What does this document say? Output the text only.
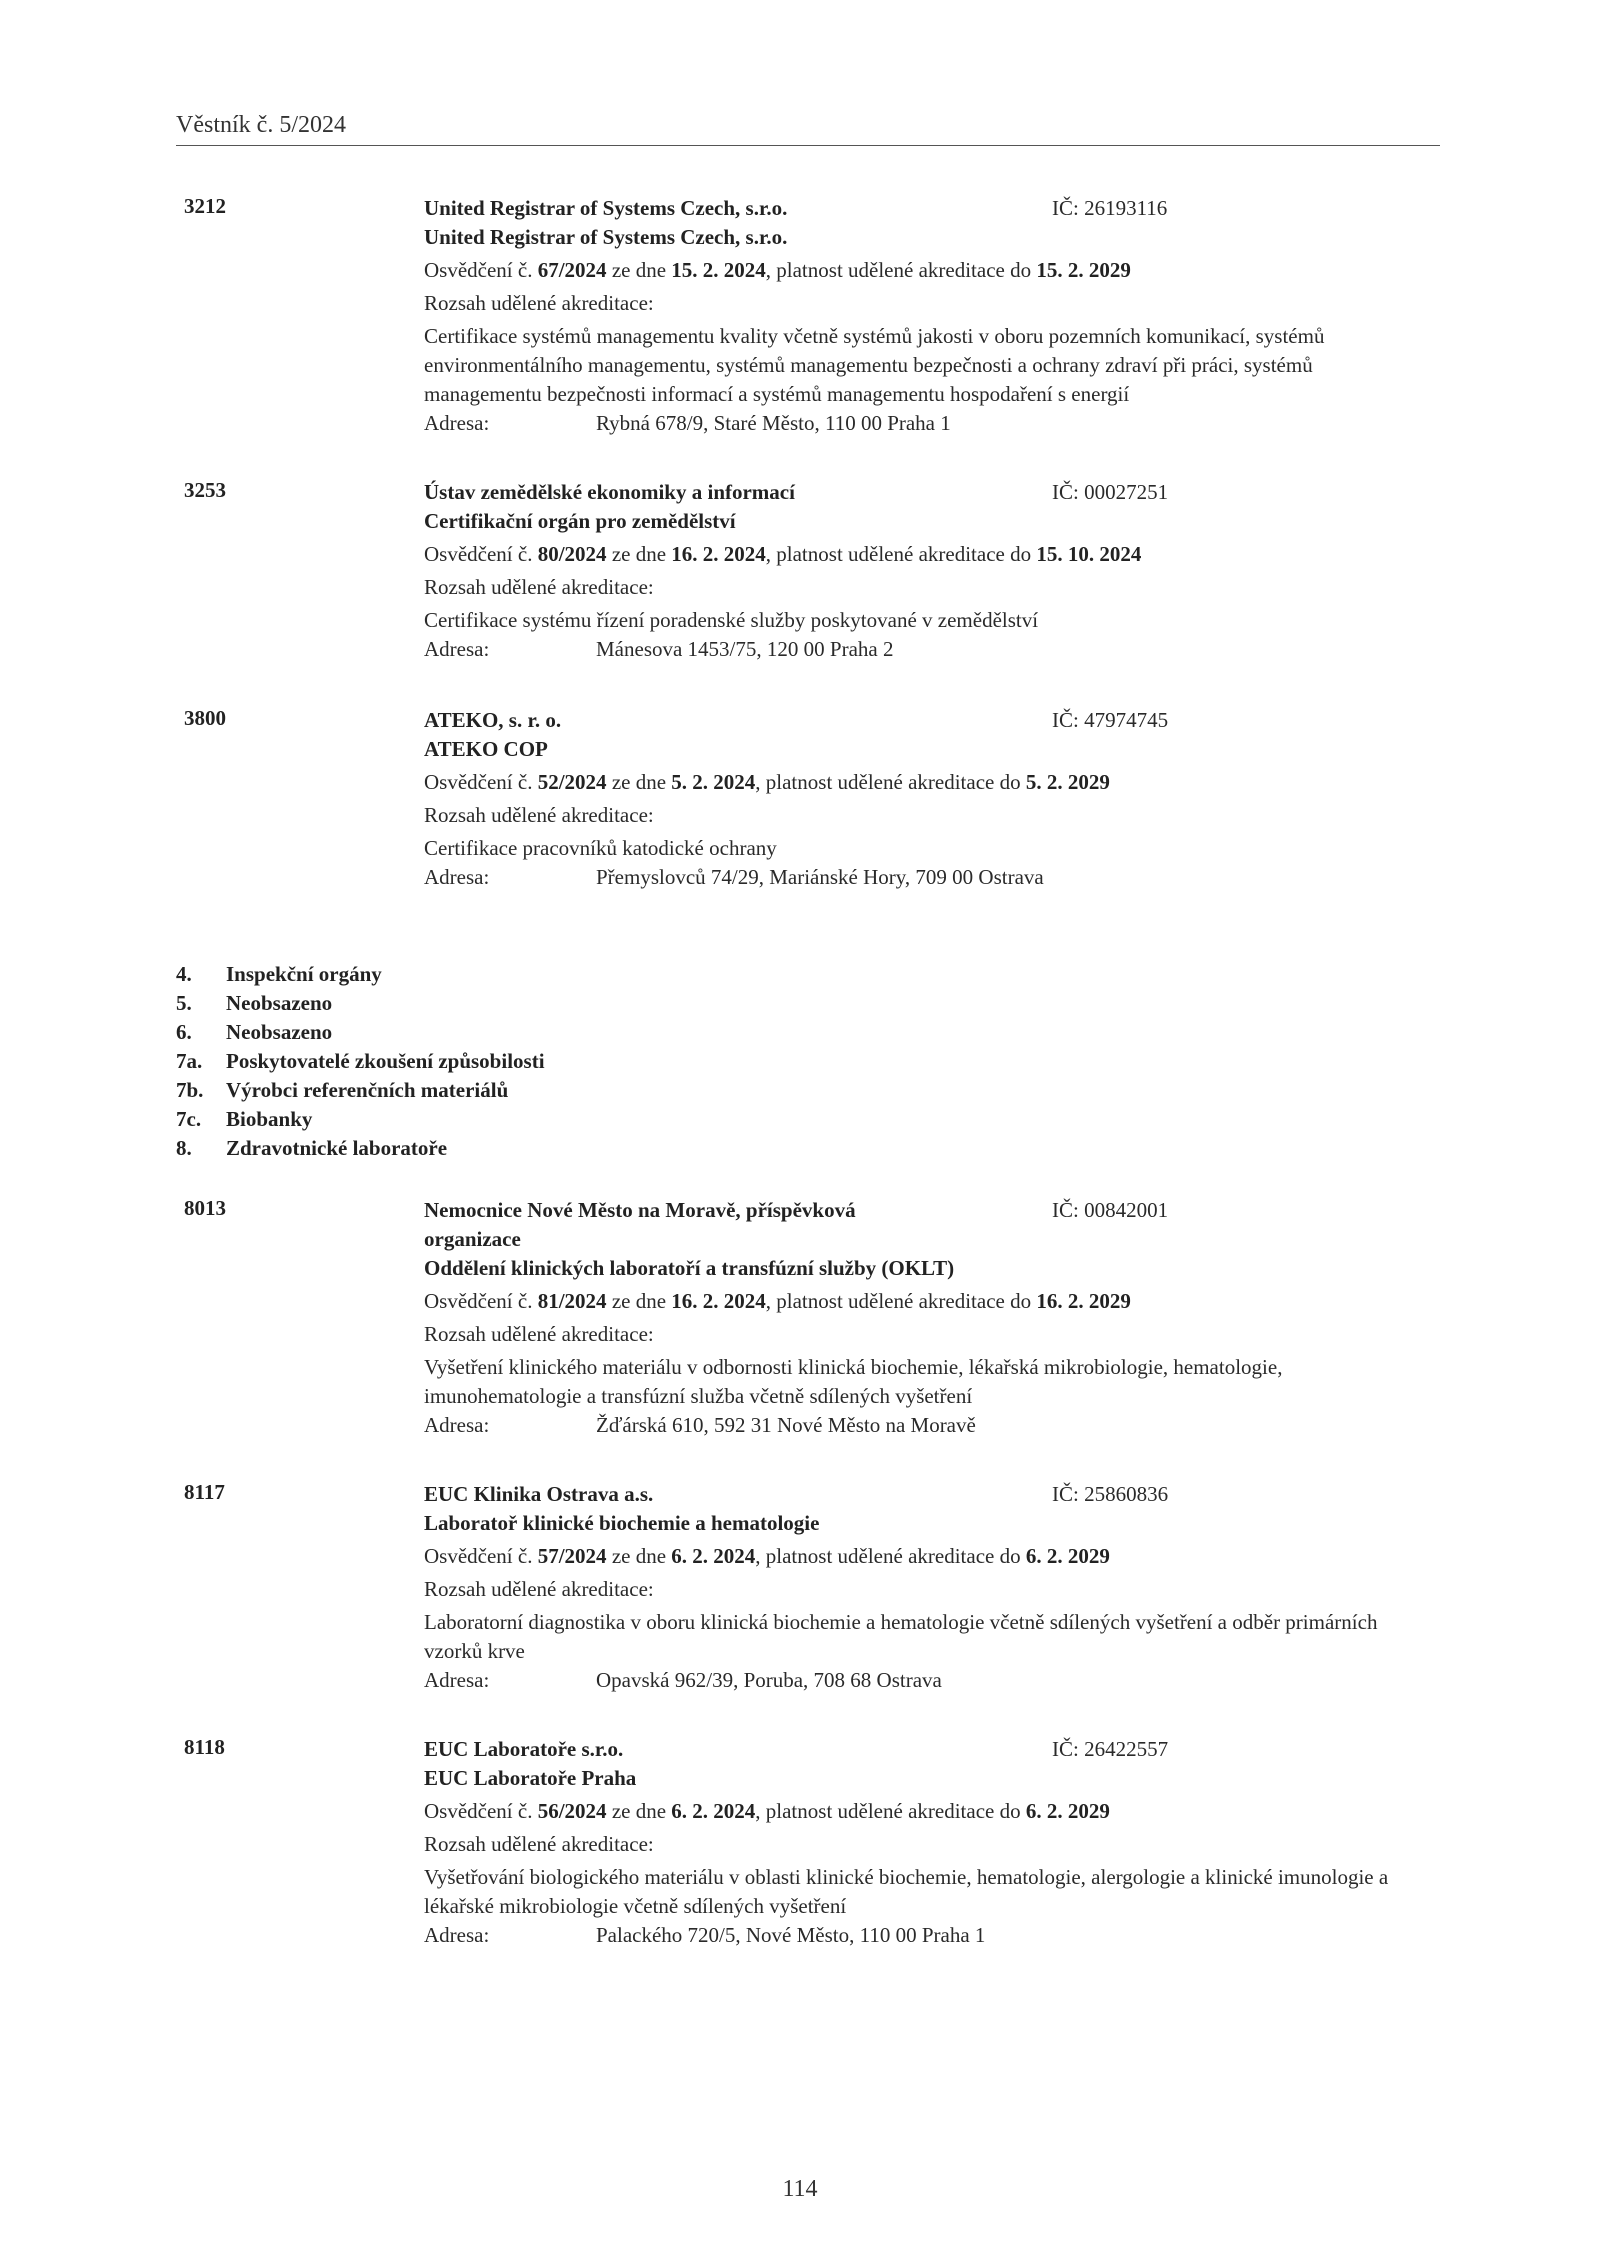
Věstník č. 5/2024
3212	United Registrar of Systems Czech, s.r.o.	IČ: 26193116
United Registrar of Systems Czech, s.r.o.
Osvědčení č. 67/2024 ze dne 15. 2. 2024, platnost udělené akreditace do 15. 2. 2029
Rozsah udělené akreditace:
Certifikace systémů managementu kvality včetně systémů jakosti v oboru pozemních komunikací, systémů environmentálního managementu, systémů managementu bezpečnosti a ochrany zdraví při práci, systémů managementu bezpečnosti informací a systémů managementu hospodaření s energií
Adresa:	Rybná 678/9, Staré Město, 110 00 Praha 1
3253	Ústav zemědělské ekonomiky a informací	IČ: 00027251
Certifikační orgán pro zemědělství
Osvědčení č. 80/2024 ze dne 16. 2. 2024, platnost udělené akreditace do 15. 10. 2024
Rozsah udělené akreditace:
Certifikace systému řízení poradenské služby poskytované v zemědělství
Adresa:	Mánesova 1453/75, 120 00 Praha 2
3800	ATEKO, s. r. o.	IČ: 47974745
ATEKO COP
Osvědčení č. 52/2024 ze dne 5. 2. 2024, platnost udělené akreditace do 5. 2. 2029
Rozsah udělené akreditace:
Certifikace pracovníků katodické ochrany
Adresa:	Přemyslovců 74/29, Mariánské Hory, 709 00 Ostrava
8013	Nemocnice Nové Město na Moravě, příspěvková	IČ: 00842001
organizace
Oddělení klinických laboratoří a transfúzní služby (OKLT)
Osvědčení č. 81/2024 ze dne 16. 2. 2024, platnost udělené akreditace do 16. 2. 2029
Rozsah udělené akreditace:
Vyšetření klinického materiálu v odbornosti klinická biochemie, lékařská mikrobiologie, hematologie, imunohematologie a transfúzní služba včetně sdílených vyšetření
Adresa:	Žďárská 610, 592 31 Nové Město na Moravě
8117	EUC Klinika Ostrava a.s.	IČ: 25860836
Laboratoř klinické biochemie a hematologie
Osvědčení č. 57/2024 ze dne 6. 2. 2024, platnost udělené akreditace do 6. 2. 2029
Rozsah udělené akreditace:
Laboratorní diagnostika v oboru klinická biochemie a hematologie včetně sdílených vyšetření a odběr primárních vzorků krve
Adresa:	Opavská 962/39, Poruba, 708 68 Ostrava
8118	EUC Laboratoře s.r.o.	IČ: 26422557
EUC Laboratoře Praha
Osvědčení č. 56/2024 ze dne 6. 2. 2024, platnost udělené akreditace do 6. 2. 2029
Rozsah udělené akreditace:
Vyšetřování biologického materiálu v oblasti klinické biochemie, hematologie, alergologie a klinické imunologie a lékařské mikrobiologie včetně sdílených vyšetření
Adresa:	Palackého 720/5, Nové Město, 110 00 Praha 1
4. Inspekční orgány
5. Neobsazeno
6. Neobsazeno
7a. Poskytovatelé zkoušení způsobilosti
7b. Výrobci referenčních materiálů
7c. Biobanky
8. Zdravotnické laboratoře
114
